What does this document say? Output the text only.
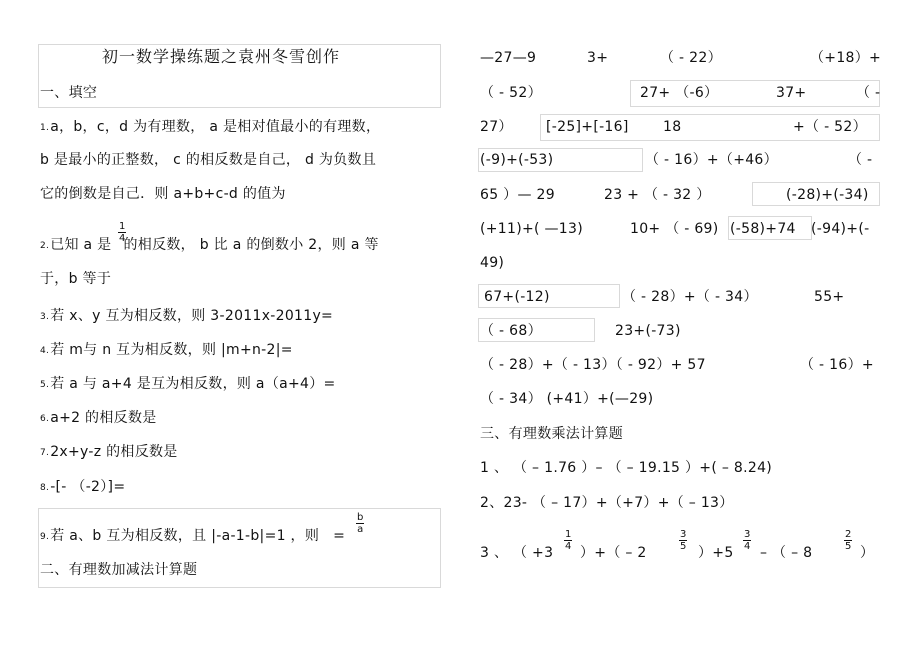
初一数学操练题之袁州冬雪创作
一、填空
1.a，b，c，d 为有理数， a 是相对值最小的有理数，
b 是最小的正整数， c 的相反数是自己， d 为负数且
它的倒数是自己．则 a+b+c-d 的值为
2.已知 a 是 的相反数， b 比 a 的倒数小 2，则 a 等
$\frac{1}{4}$
于，b 等于
3.若 x、y 互为相反数，则 3-2011x-2011y=
4.若 m与 n 互为相反数，则 |m+n-2|=
5.若 a 与 a+4 是互为相反数，则 a（a+4）=
6.a+2 的相反数是
7.2x+y-z 的相反数是
8.-[- （-2）]=
9.若 a、b 互为相反数，且 |-a-1-b|=1 ，则 =
$\frac{b}{a}$
二、有理数加减法计算题
—27—9	3+	（ - 22）	（+18）+
（ - 52）	27+ （-6）	37+	（ -
27） [-25]+[-16] 18	+（ - 52）
(-9)+(-53)	（ - 16）+（+46）	（ -
65 ）— 29	23 + （ - 32 ）	(-28)+(-34)
(+11)+( —13)	10+ （ - 69) (-58)+74 (-94)+(-
49)
67+(-12)	（ - 28）+（ - 34）	55+
（ - 68）	23+(-73)
（ - 28）+（ - 13）（ - 92）+ 57	（ - 16）+
（ - 34） (+41）+(—29)
三、有理数乘法计算题
1 、 （ – 1.76 ）– （ – 19.15 ）+( – 8.24)
2、23- （ – 17）+（+7）+（ – 13）
3 、 （ +3
$\frac{1}{4}$
）+（ – 2
$\frac{3}{5}$
）+5
$\frac{3}{4}$
– （ – 8
$\frac{2}{5}$
）
